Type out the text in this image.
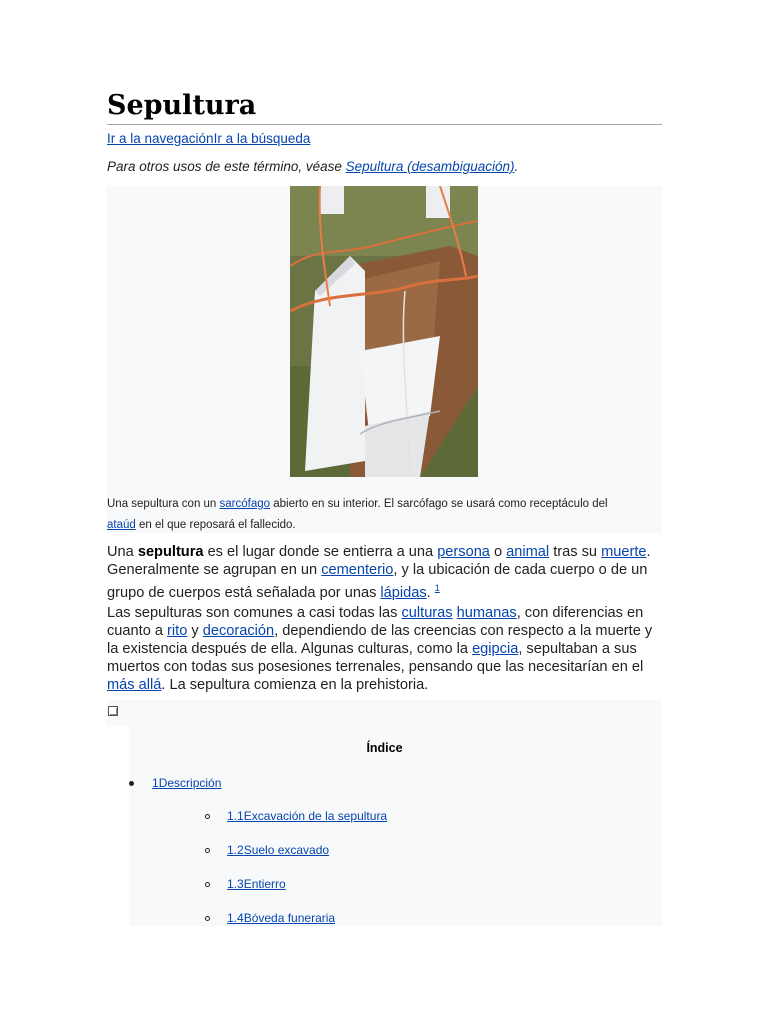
Sepultura
Ir a la navegaciónIr a la búsqueda
Para otros usos de este término, véase Sepultura (desambiguación).
Una sepultura con un sarcófago abierto en su interior. El sarcófago se usará como receptáculo del ataúd en el que reposará el fallecido.

Una sepultura es el lugar donde se entierra a una persona o animal tras su muerte. Generalmente se agrupan en un cementerio, y la ubicación de cada cuerpo o de un grupo de cuerpos está señalada por unas lápidas. $^1$

Las sepulturas son comunes a casi todas las culturas humanas, con diferencias en cuanto a rito y decoración, dependiendo de las creencias con respecto a la muerte y la existencia después de ella. Algunas culturas, como la egipcia, sepultaban a sus muertos con todas sus posesiones terrenales, pensando que las necesitarían en el más allá. La sepultura comienza en la prehistoria.

Índice
1Descripción
1.1Excavación de la sepultura
1.2Suelo excavado
1.3Entierro
1.4Bóveda funeraria
